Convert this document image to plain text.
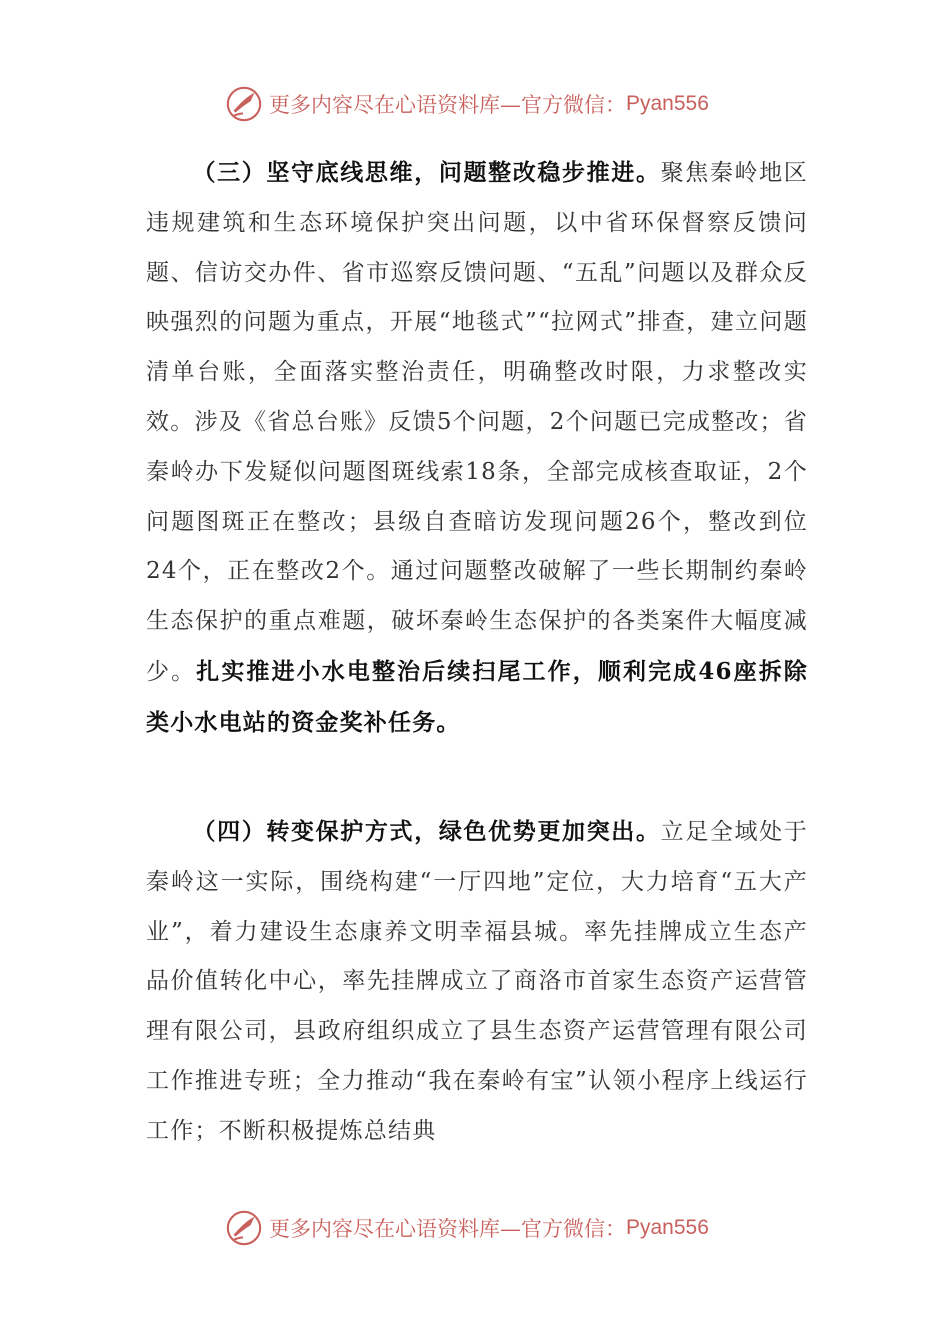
更多内容尽在心语资料库—官方微信： Pyan556

（三）坚守底线思维，问题整改稳步推进。聚焦秦岭地区违规建筑和生态环境保护突出问题，以中省环保督察反馈问题、信访交办件、省市巡察反馈问题、“五乱”问题以及群众反映强烈的问题为重点，开展“地毯式”“拉网式”排查，建立问题清单台账，全面落实整治责任，明确整改时限，力求整改实效。涉及《省总台账》反馈5个问题，2个问题已完成整改；省秦岭办下发疑似问题图斑线索18条，全部完成核查取证，2个问题图斑正在整改；县级自查暗访发现问题26个，整改到位24个，正在整改2个。通过问题整改破解了一些长期制约秦岭生态保护的重点难题，破坏秦岭生态保护的各类案件大幅度减少。扎实推进小水电整治后续扫尾工作，顺利完成46座拆除类小水电站的资金奖补任务。

（四）转变保护方式，绿色优势更加突出。立足全域处于秦岭这一实际，围绕构建“一厅四地”定位，大力培育“五大产业”，着力建设生态康养文明幸福县城。率先挂牌成立生态产品价值转化中心，率先挂牌成立了商洛市首家生态资产运营管理有限公司，县政府组织成立了县生态资产运营管理有限公司工作推进专班；全力推动“我在秦岭有宝”认领小程序上线运行工作；不断积极提炼总结典

更多内容尽在心语资料库—官方微信： Pyan556
